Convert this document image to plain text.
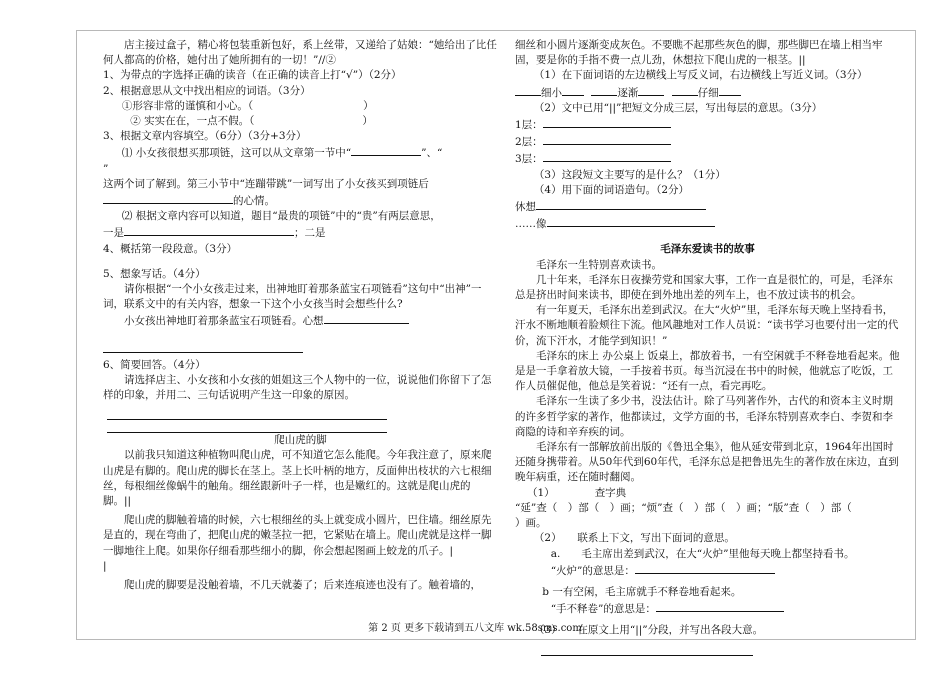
店主接过盒子，精心将包装重新包好，系上丝带，又递给了姑娘：“她给出了比任何人都高的价格，她付出了她所拥有的一切！”//②

1、为带点的字选择正确的读音（在正确的读音上打“√”）（2分）

2、根据意思从文中找出相应的词语。（3分）

①形容非常的谨慎和小心。（	）

② 实实在在，一点不假。（	）

3、根据文章内容填空。（6分）（3分+3分）

⑴ 小女孩很想买那项链，这可以从文章第一节中“	”、“

”

这两个词了解到。第三小节中“连蹦带跳”一词写出了小女孩买到项链后

的心情。

⑵ 根据文章内容可以知道，题目“最贵的项链”中的“贵”有两层意思，

一是	；二是

4、概括第一段段意。（3分）

5、想象写话。（4分）

请你根据“一个小女孩走过来，出神地盯着那条蓝宝石项链看”这句中“出神”一词，联系文中的有关内容，想象一下这个小女孩当时会想些什么?

小女孩出神地盯着那条蓝宝石项链看。心想

6、简要回答。（4分）

请选择店主、小女孩和小女孩的姐姐这三个人物中的一位，说说他们你留下了怎样的印象，并用二、三句话说明产生这一印象的原因。

爬山虎的脚

以前我只知道这种植物叫爬山虎，可不知道它怎么能爬。今年我注意了，原来爬山虎是有脚的。爬山虎的脚长在茎上。茎上长叶柄的地方，反面伸出枝状的六七根细丝，每根细丝像蜗牛的触角。细丝跟新叶子一样，也是嫩红的。这就是爬山虎的脚。||

爬山虎的脚触着墙的时候，六七根细丝的头上就变成小圆片，巴住墙。细丝原先是直的，现在弯曲了，把爬山虎的嫩茎拉一把，它紧贴在墙上。爬山虎就是这样一脚一脚地往上爬。如果你仔细看那些细小的脚，你会想起图画上蛟龙的爪子。|

|

爬山虎的脚要是没触着墙，不几天就萎了；后来连痕迹也没有了。触着墙的，

细丝和小圆片逐渐变成灰色。不要瞧不起那些灰色的脚，那些脚巴在墙上相当牢固，要是你的手指不费一点儿劲，休想拉下爬山虎的一根茎。||

（1）在下面词语的左边横线上写反义词，右边横线上写近义词。（3分）

细小	逐渐	仔细

（2）文中已用“||”把短文分成三层，写出每层的意思。（3分）

1层：

2层：

3层：

（3）这段短文主要写的是什么？（1分）

（4）用下面的词语造句。（2分）

休想

……像

毛泽东爱读书的故事

毛泽东一生特别喜欢读书。

几十年来，毛泽东日夜操劳党和国家大事，工作一直是很忙的，可是，毛泽东总是挤出时间来读书，即使在到外地出差的列车上，也不放过读书的机会。

有一年夏天，毛泽东出差到武汉。在大“火炉”里，毛泽东每天晚上坚持看书，汗水不断地顺着脸颊往下流。他风趣地对工作人员说：“读书学习也要付出一定的代价，流下汗水，才能学到知识！”

毛泽东的床上 办公桌上 饭桌上，都放着书，一有空闲就手不释卷地看起来。他是是一手拿着放大镜，一手按着书页。每当沉浸在书中的时候，他就忘了吃饭，工作人员催促他，他总是笑着说：“还有一点，看完再吃。

毛泽东一生读了多少书，没法估计。除了马列著作外，古代的和资本主义时期的许多哲学家的著作，他都读过，文学方面的书，毛泽东特别喜欢李白、李贺和李商隐的诗和辛弃疾的词。

毛泽东有一部解放前出版的《鲁迅全集》，他从延安带到北京，1964年出国时还随身携带着。从50年代到60年代，毛泽东总是把鲁迅先生的著作放在床边，直到晚年病重，还在随时翻阅。

（1）	查字典

“延”查（　）部（　）画；“烦”查（　）部（　）画；“版”查（　）部（

）画。

（2）　　联系上下文，写出下面词的意思。

a.　　毛主席出差到武汉，在大“火炉”里他每天晚上都坚持看书。

“火炉”的意思是：

b 一有空闲，毛主席就手不释卷地看起来。

“手不释卷”的意思是：

（3）　　在原文上用“||”分段，并写出各段大意。

第 2 页 更多下载请到五八文库 wk.58sms.com
